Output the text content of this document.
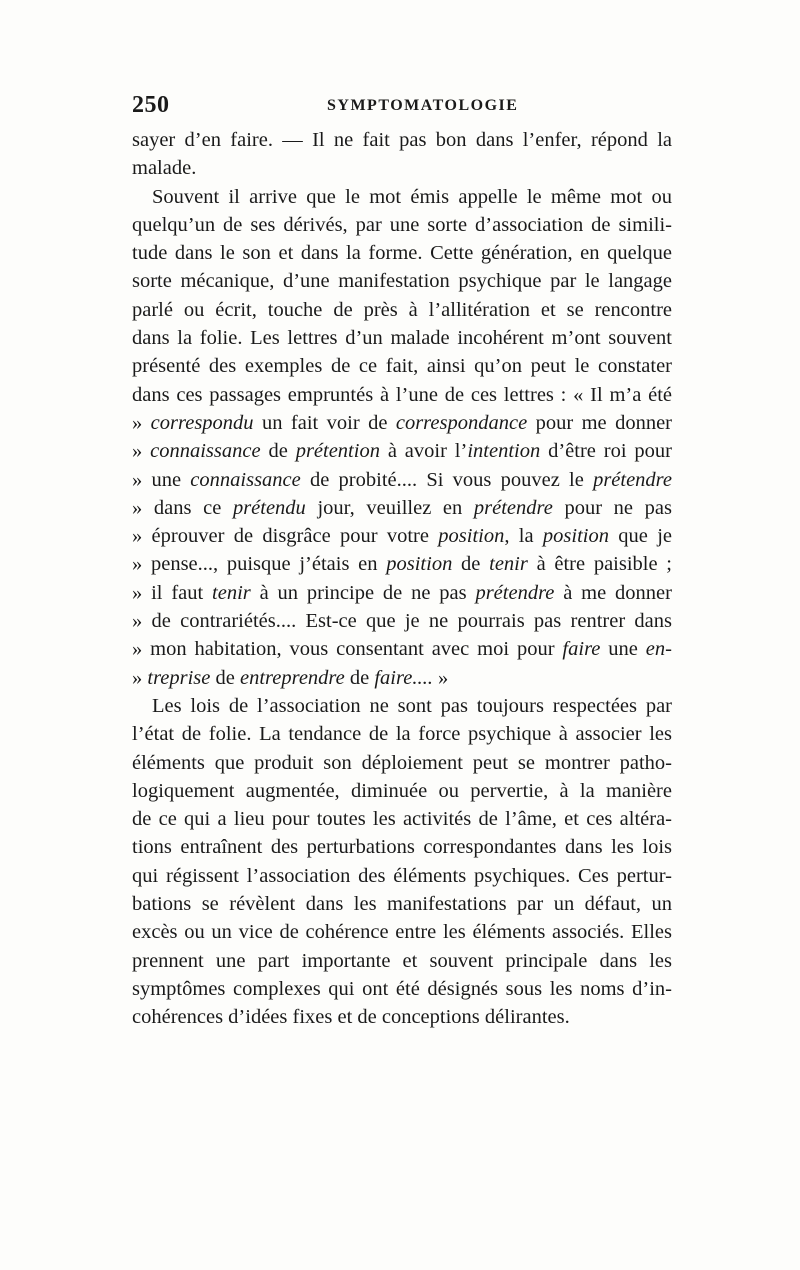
250	SYMPTOMATOLOGIE
sayer d’en faire. — Il ne fait pas bon dans l’enfer, répond la
malade.
Souvent il arrive que le mot émis appelle le même mot ou
quelqu’un de ses dérivés, par une sorte d’association de simili-
tude dans le son et dans la forme. Cette génération, en quelque
sorte mécanique, d’une manifestation psychique par le langage
parlé ou écrit, touche de près à l’allitération et se rencontre
dans la folie. Les lettres d’un malade incohérent m’ont souvent
présenté des exemples de ce fait, ainsi qu’on peut le constater
dans ces passages empruntés à l’une de ces lettres : « Il m’a été
» correspondu un fait voir de correspondance pour me donner
» connaissance de prétention à avoir l’intention d’être roi pour
» une connaissance de probité.... Si vous pouvez le prétendre
» dans ce prétendu jour, veuillez en prétendre pour ne pas
» éprouver de disgrâce pour votre position, la position que je
» pense..., puisque j’étais en position de tenir à être paisible ;
» il faut tenir à un principe de ne pas prétendre à me donner
» de contrariétés.... Est-ce que je ne pourrais pas rentrer dans
» mon habitation, vous consentant avec moi pour faire une en-
» treprise de entreprendre de faire.... »
Les lois de l’association ne sont pas toujours respectées par
l’état de folie. La tendance de la force psychique à associer les
éléments que produit son déploiement peut se montrer patho-
logiquement augmentée, diminuée ou pervertie, à la manière
de ce qui a lieu pour toutes les activités de l’âme, et ces altéra-
tions entraînent des perturbations correspondantes dans les lois
qui régissent l’association des éléments psychiques. Ces pertur-
bations se révèlent dans les manifestations par un défaut, un
excès ou un vice de cohérence entre les éléments associés. Elles
prennent une part importante et souvent principale dans les
symptômes complexes qui ont été désignés sous les noms d’in-
cohérences d’idées fixes et de conceptions délirantes.
